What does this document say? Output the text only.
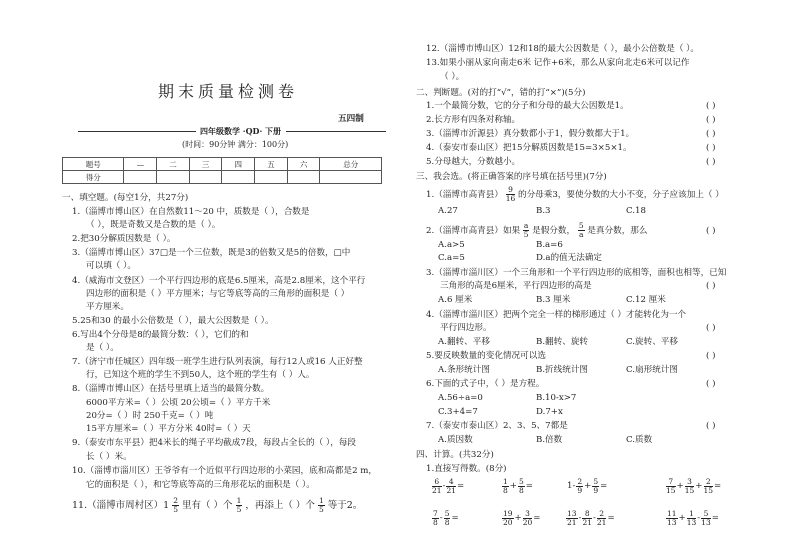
期末质量检测卷
五四制
四年级数学 ·QD· 下册
(时间：90分钟 满分：100分)
题号	—	二	三	四	五	六	总分
得分							
一、填空题。(每空1分，共27分)
1.（淄博市博山区）在自然数11～20 中，质数是（ ），合数是
（ ），既是奇数又是合数的是（ ）。
2.把30分解质因数是（ ）。
3.（淄博市博山区）37□是一个三位数，既是3的倍数又是5的倍数，□中
可以填（ ）。
4.（威海市文登区）一个平行四边形的底是6.5厘米，高是2.8厘米，这个平行
四边形的面积是（ ）平方厘米；与它等底等高的三角形的面积是（ ）
平方厘米。
5.25和30 的最小公倍数是（ ），最大公因数是（ ）。
6.写出4个分母是8的最简分数：（ ），它们的和
是（ ）。
7.（济宁市任城区）四年级一班学生进行队列表演，每行12人或16 人正好整
行，已知这个班的学生不到50人，这个班的学生有（ ）人。
8.（淄博市博山区）在括号里填上适当的最简分数。
6000平方米=（ ）公顷 20公顷=（ ）平方千米
20分=（ ）时 250千克=（ ）吨
15平方厘米=（ ）平方分米 40时=（ ）天
9.（泰安市东平县）把4米长的绳子平均截成7段，每段占全长的（ ），每段
长（ ）米。
10.（淄博市淄川区）王爷爷有一个近似平行四边形的小菜园，底和高都是2 m，
它的面积是（ ），和它等底等高的三角形花坛的面积是（ ）。
11.（淄博市周村区）$1 \frac{2}{5}$ 里有（ ）个 $\frac{1}{5}$ ，再添上（ ）个 $\frac{1}{5}$ 等于2。
12.（淄博市博山区）12和18的最大公因数是（ ），最小公倍数是（ ）。
13.如果小丽从家向南走6米 记作+6米，那么从家向北走6米可以记作
（ ）。
二、判断题。(对的打“√”，错的打“×”)(5分)
1.一个最简分数，它的分子和分母的最大公因数是1。	( )
2.长方形有四条对称轴。	( )
3.（淄博市沂源县）真分数都小于1，假分数都大于1。	( )
4.（泰安市泰山区）把15分解质因数是15=3×5×1。	( )
5.分母越大，分数越小。	( )
三、我会选。(将正确答案的序号填在括号里)(7分)
1.（淄博市高青县） $\frac{9}{16}$ 的分母乘3，要使分数的大小不变，分子应该加上（ ）
A.27	B.3	C.18
2.（淄博市高青县）如果 $\frac{a}{5}$ 是假分数， $\frac{5}{a}$ 是真分数，那么	( )
A.a>5	B.a=6
C.a=5	D.a的值无法确定
3.（淄博市淄川区）一个三角形和一个平行四边形的底相等，面积也相等，已知
三角形的高是6厘米，平行四边形的高是	( )
A.6 厘米	B.3 厘米	C.12 厘米
4.（淄博市淄川区）把两个完全一样的梯形通过（ ）才能转化为一个
平行四边形。	( )
A.翻转、平移	B.翻转、旋转	C.旋转、平移
5.要反映数量的变化情况可以选	( )
A.条形统计图	B.折线统计图	C.扇形统计图
6.下面的式子中，（ ）是方程。	( )
A.56÷a=0	B.10-x>7
C.3+4=7	D.7+x
7.（泰安市泰山区）2、3、5、7都是	( )
A.质因数	B.倍数	C.质数
四、计算。(共32分)
1.直接写得数。(8分)
$\frac{6}{21} - \frac{4}{21}$ =	$\frac{1}{8} + \frac{5}{8}$ =	$1- \frac{2}{9} + \frac{5}{9}$ =	$\frac{7}{15} + \frac{3}{15} + \frac{2}{15}$ =
$\frac{7}{8} - \frac{5}{8}$ =	$\frac{19}{20} + \frac{3}{20}$ =	$\frac{13}{21} - \frac{8}{21} - \frac{2}{21}$ =	$\frac{11}{13} + \frac{1}{13} - \frac{5}{13}$ =
